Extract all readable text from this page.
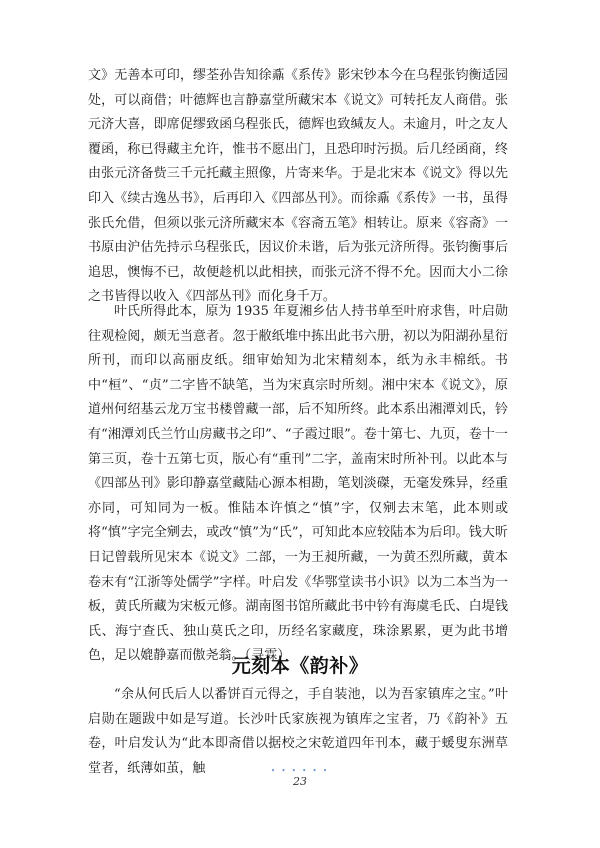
文》无善本可印，缪荃孙告知徐鼒《系传》影宋钞本今在乌程张钧衡适园处，可以商借；叶德辉也言静嘉堂所藏宋本《说文》可转托友人商借。张元济大喜，即席促缪致函乌程张氏，德辉也致缄友人。未逾月，叶之友人覆函，称已得藏主允许，惟书不愿出门，且恐印时污损。后几经函商，终由张元济备赀三千元托藏主照像，片寄来华。于是北宋本《说文》得以先印入《续古逸丛书》，后再印入《四部丛刊》。而徐鼒《系传》一书，虽得张氏允借，但须以张元济所藏宋本《容斋五笔》相转让。原来《容斋》一书原由沪估先持示乌程张氏，因议价未谐，后为张元济所得。张钧衡事后追思，懊悔不已，故便趁机以此相挟，而张元济不得不允。因而大小二徐之书皆得以收入《四部丛刊》而化身千万。

叶氏所得此本，原为 1935 年夏湘乡估人持书单至叶府求售，叶启勋往观检阅，颇无当意者。忽于敝纸堆中拣出此书六册，初以为阳湖孙星衍所刊，而印以高丽皮纸。细审始知为北宋精刻本，纸为永丰棉纸。书中“桓”、“贞”二字皆不缺笔，当为宋真宗时所刻。湘中宋本《说文》，原道州何绍基云龙万宝书楼曾藏一部，后不知所终。此本系出湘潭刘氏，钤有“湘潭刘氏兰竹山房藏书之印”、“子霞过眼”。卷十第七、九页，卷十一第三页，卷十五第七页，版心有“重刊”二字，盖南宋时所补刊。以此本与《四部丛刊》影印静嘉堂藏陆心源本相勘，笔划淡磔，无毫发殊异，经重亦同，可知同为一板。惟陆本许慎之“慎”字，仅剜去末笔，此本则或将“慎”字完全剜去，或改“慎”为“氏”，可知此本应较陆本为后印。钱大昕日记曾载所见宋本《说文》二部，一为王昶所藏，一为黄丕烈所藏，黄本卷末有“江浙等处儒学”字样。叶启发《华鄂堂读书小识》以为二本当为一板，黄氏所藏为宋板元修。湖南图书馆所藏此书中钤有海虞毛氏、白堤钱氏、海宁查氏、独山莫氏之印，历经名家藏度，珠涂累累，更为此书增色，足以媲静嘉而傲尧翁。（寻霖）

元刻本《韵补》

“余从何氏后人以番饼百元得之，手自装池，以为吾家镇库之宝。”叶启勋在题跋中如是写道。长沙叶氏家族视为镇库之宝者，乃《韵补》五卷，叶启发认为“此本即斋借以据校之宋乾道四年刊本，藏于蝯叟东洲草堂者，纸薄如茧，触	• • • • • •
23
